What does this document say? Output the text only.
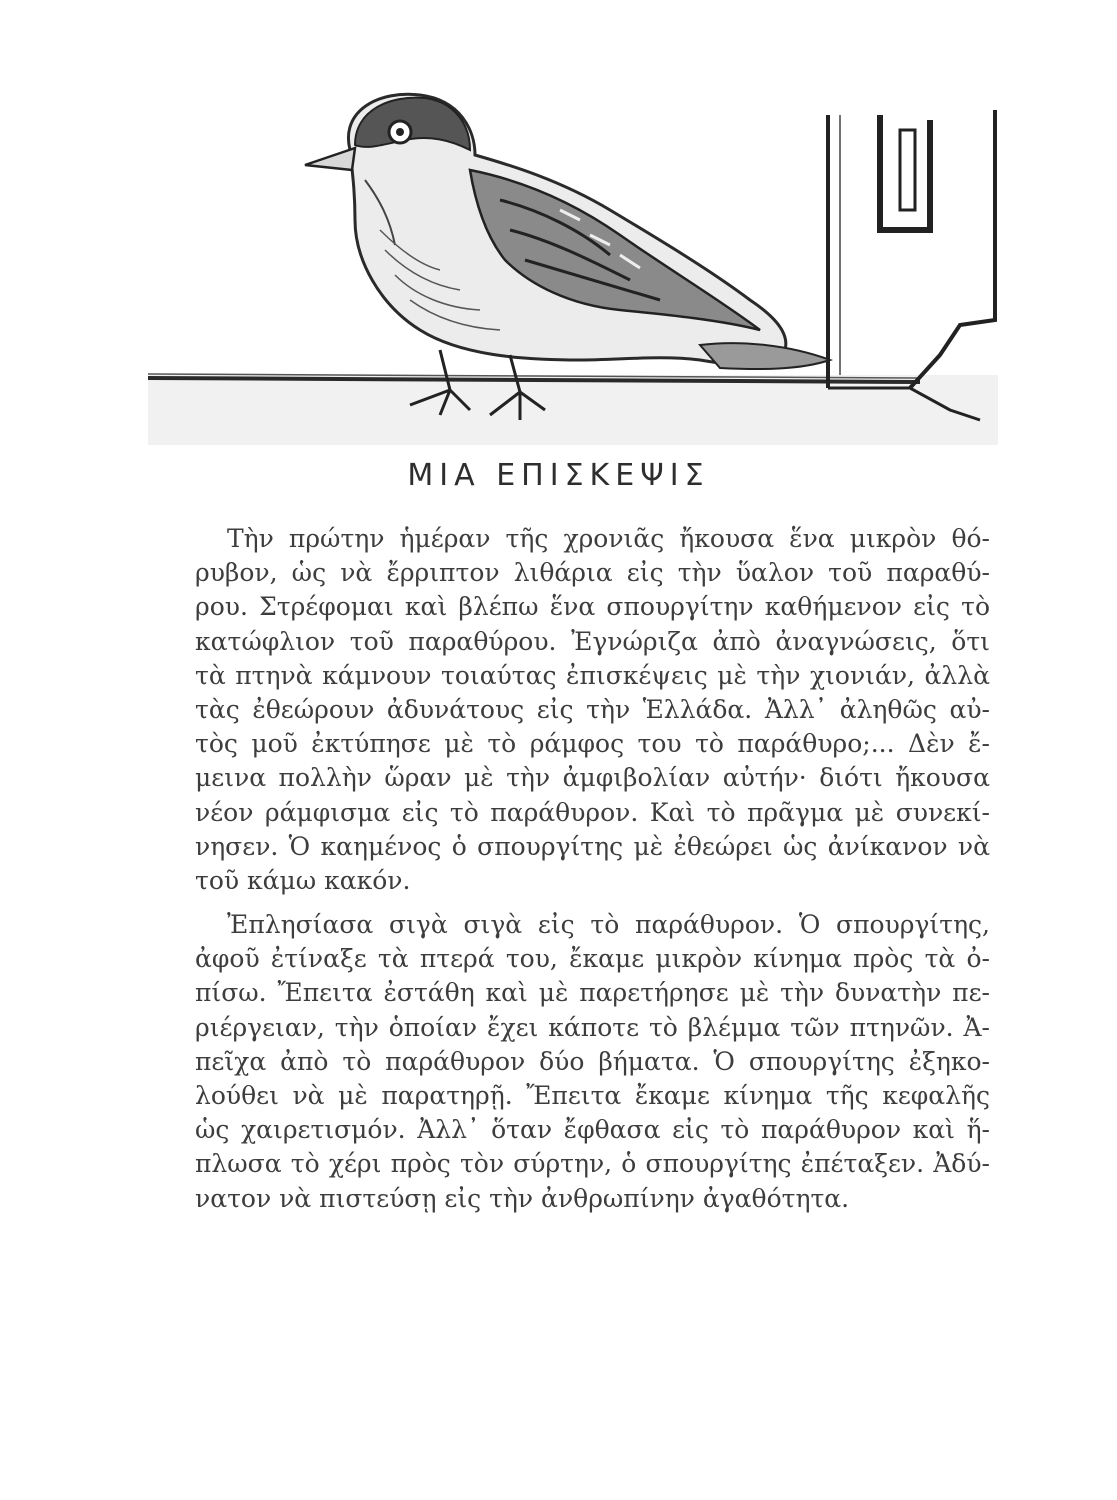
ΜΙΑ ΕΠΙΣΚΕΨΙΣ
Τὴν πρώτην ἡμέραν τῆς χρονιᾶς ἤκουσα ἕνα μικρὸν θό-
ρυβον, ὡς νὰ ἔρριπτον λιθάρια εἰς τὴν ὕαλον τοῦ παραθύ-
ρου. Στρέφομαι καὶ βλέπω ἕνα σπουργίτην καθήμενον εἰς τὸ
κατώφλιον τοῦ παραθύρου. Ἐγνώριζα ἀπὸ ἀναγνώσεις, ὅτι
τὰ πτηνὰ κάμνουν τοιαύτας ἐπισκέψεις μὲ τὴν χιονιάν, ἀλλὰ
τὰς ἐθεώρουν ἀδυνάτους εἰς τὴν Ἑλλάδα. Ἀλλ᾿ ἀληθῶς αὐ-
τὸς μοῦ ἐκτύπησε μὲ τὸ ράμφος του τὸ παράθυρο;... Δὲν ἔ-
μεινα πολλὴν ὥραν μὲ τὴν ἀμφιβολίαν αὐτήν· διότι ἤκουσα
νέον ράμφισμα εἰς τὸ παράθυρον. Καὶ τὸ πρᾶγμα μὲ συνεκί-
νησεν. Ὁ καημένος ὁ σπουργίτης μὲ ἐθεώρει ὡς ἀνίκανον νὰ
τοῦ κάμω κακόν.
Ἐπλησίασα σιγὰ σιγὰ εἰς τὸ παράθυρον. Ὁ σπουργίτης,
ἀφοῦ ἐτίναξε τὰ πτερά του, ἔκαμε μικρὸν κίνημα πρὸς τὰ ὀ-
πίσω. Ἔπειτα ἐστάθη καὶ μὲ παρετήρησε μὲ τὴν δυνατὴν πε-
ριέργειαν, τὴν ὁποίαν ἔχει κάποτε τὸ βλέμμα τῶν πτηνῶν. Ἀ-
πεῖχα ἀπὸ τὸ παράθυρον δύο βήματα. Ὁ σπουργίτης ἐξηκο-
λούθει νὰ μὲ παρατηρῇ. Ἔπειτα ἔκαμε κίνημα τῆς κεφαλῆς
ὡς χαιρετισμόν. Ἀλλ᾿ ὅταν ἔφθασα εἰς τὸ παράθυρον καὶ ἥ-
πλωσα τὸ χέρι πρὸς τὸν σύρτην, ὁ σπουργίτης ἐπέταξεν. Ἀδύ-
νατον νὰ πιστεύσῃ εἰς τὴν ἀνθρωπίνην ἀγαθότητα.
